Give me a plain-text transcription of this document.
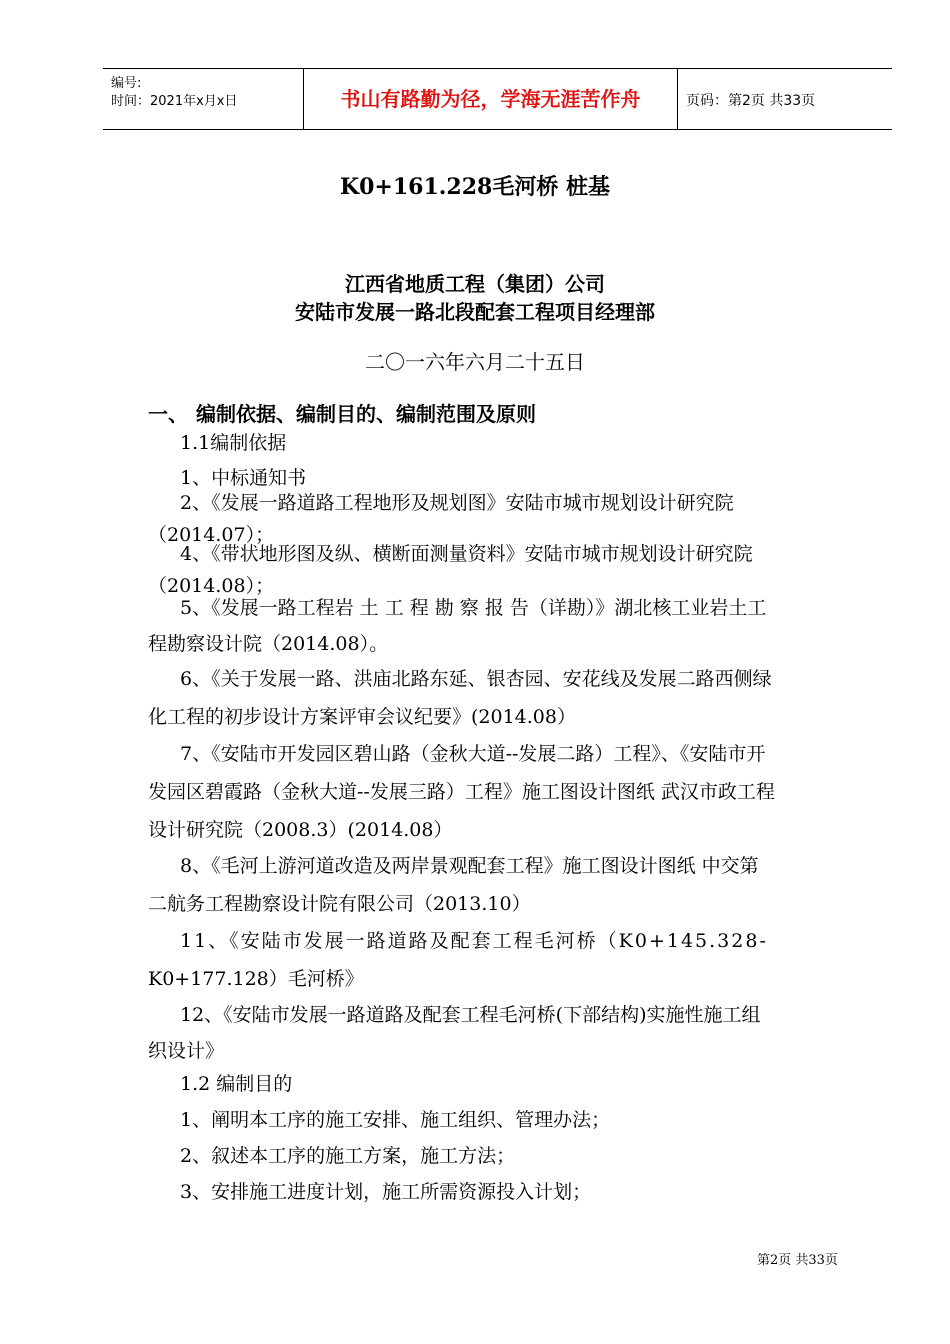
编号:
时间：2021年x月x日	书山有路勤为径，学海无涯苦作舟	页码：第2页 共33页
K0+161.228毛河桥 桩基
江西省地质工程（集团）公司
安陆市发展一路北段配套工程项目经理部
二〇一六年六月二十五日
一、 编制依据、编制目的、编制范围及原则
1.1编制依据
1、中标通知书
2、《发展一路道路工程地形及规划图》安陆市城市规划设计研究院
（2014.07）；
4、《带状地形图及纵、横断面测量资料》安陆市城市规划设计研究院
（2014.08）；
5、《发展一路工程岩 土 工 程 勘 察 报 告（详勘）》湖北核工业岩土工
程勘察设计院（2014.08）。
6、《关于发展一路、洪庙北路东延、银杏园、安花线及发展二路西侧绿
化工程的初步设计方案评审会议纪要》(2014.08）
7、《安陆市开发园区碧山路（金秋大道--发展二路）工程》、《安陆市开
发园区碧霞路（金秋大道--发展三路）工程》施工图设计图纸 武汉市政工程
设计研究院（2008.3）(2014.08）
8、《毛河上游河道改造及两岸景观配套工程》施工图设计图纸 中交第
二航务工程勘察设计院有限公司（2013.10）
11、《安陆市发展一路道路及配套工程毛河桥（K0+145.328-
K0+177.128）毛河桥》
12、《安陆市发展一路道路及配套工程毛河桥(下部结构)实施性施工组
织设计》
1.2 编制目的
1、阐明本工序的施工安排、施工组织、管理办法；
2、叙述本工序的施工方案，施工方法；
3、安排施工进度计划，施工所需资源投入计划；
第2页 共33页
